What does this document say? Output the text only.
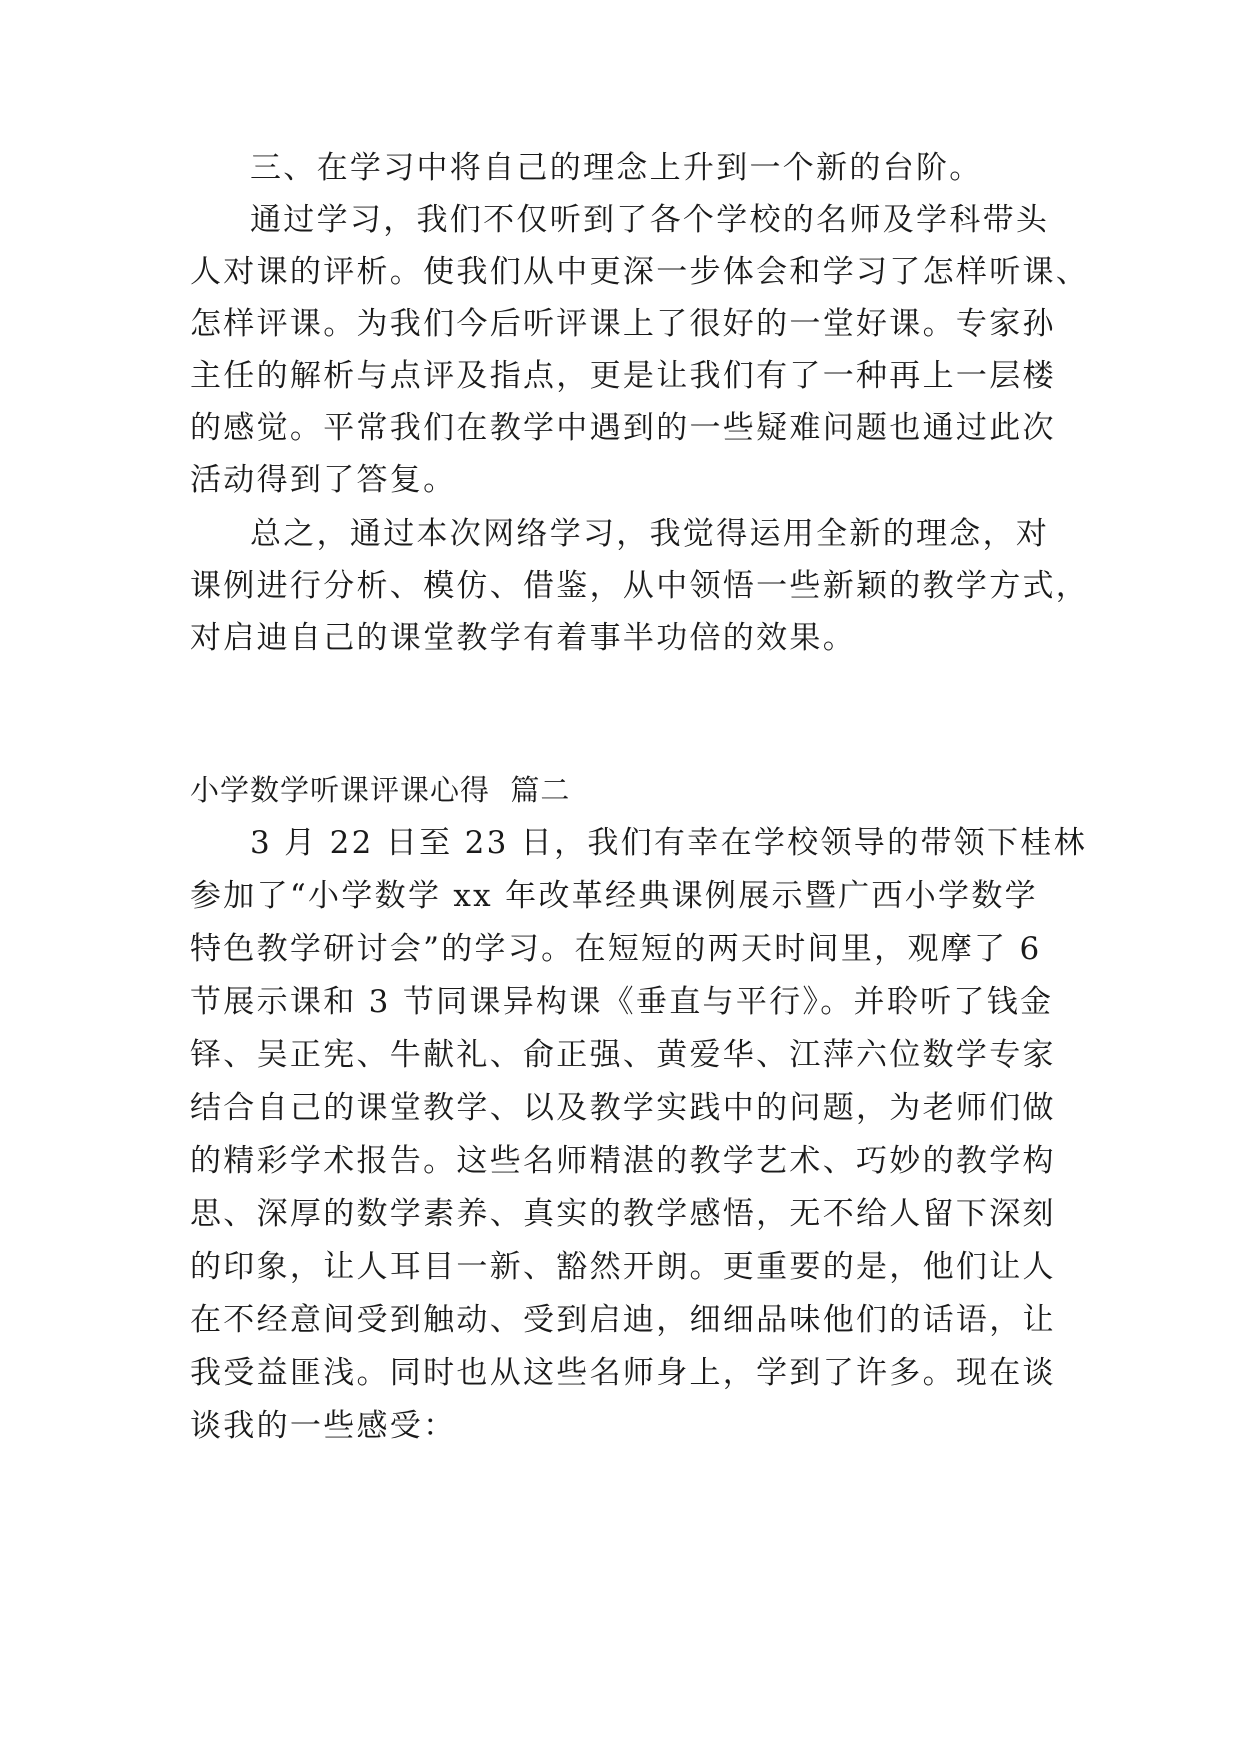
三、在学习中将自己的理念上升到一个新的台阶。
通过学习，我们不仅听到了各个学校的名师及学科带头
人对课的评析。使我们从中更深一步体会和学习了怎样听课、
怎样评课。为我们今后听评课上了很好的一堂好课。专家孙
主任的解析与点评及指点，更是让我们有了一种再上一层楼
的感觉。平常我们在教学中遇到的一些疑难问题也通过此次
活动得到了答复。
总之，通过本次网络学习，我觉得运用全新的理念，对
课例进行分析、模仿、借鉴，从中领悟一些新颖的教学方式，
对启迪自己的课堂教学有着事半功倍的效果。
小学数学听课评课心得  篇二
3 月 22 日至 23 日，我们有幸在学校领导的带领下桂林
参加了“小学数学 xx 年改革经典课例展示暨广西小学数学
特色教学研讨会”的学习。在短短的两天时间里，观摩了 6
节展示课和 3 节同课异构课《垂直与平行》。并聆听了钱金
铎、吴正宪、牛献礼、俞正强、黄爱华、江萍六位数学专家
结合自己的课堂教学、以及教学实践中的问题，为老师们做
的精彩学术报告。这些名师精湛的教学艺术、巧妙的教学构
思、深厚的数学素养、真实的教学感悟，无不给人留下深刻
的印象，让人耳目一新、豁然开朗。更重要的是，他们让人
在不经意间受到触动、受到启迪，细细品味他们的话语，让
我受益匪浅。同时也从这些名师身上，学到了许多。现在谈
谈我的一些感受：
